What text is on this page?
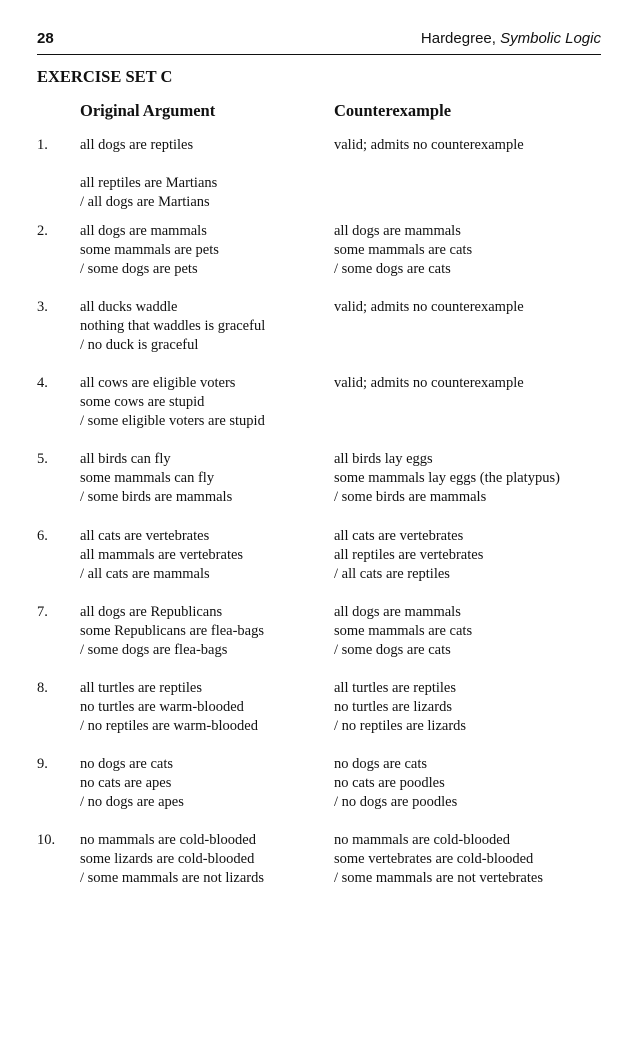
28	Hardegree, Symbolic Logic
EXERCISE SET C
Original Argument	Counterexample
1. all dogs are reptiles
all reptiles are Martians
/ all dogs are Martians
valid; admits no counterexample
2. all dogs are mammals
some mammals are pets
/ some dogs are pets
all dogs are mammals
some mammals are cats
/ some dogs are cats
3. all ducks waddle
nothing that waddles is graceful
/ no duck is graceful
valid; admits no counterexample
4. all cows are eligible voters
some cows are stupid
/ some eligible voters are stupid
valid; admits no counterexample
5. all birds can fly
some mammals can fly
/ some birds are mammals
all birds lay eggs
some mammals lay eggs (the platypus)
/ some birds are mammals
6. all cats are vertebrates
all mammals are vertebrates
/ all cats are mammals
all cats are vertebrates
all reptiles are vertebrates
/ all cats are reptiles
7. all dogs are Republicans
some Republicans are flea-bags
/ some dogs are flea-bags
all dogs are mammals
some mammals are cats
/ some dogs are cats
8. all turtles are reptiles
no turtles are warm-blooded
/ no reptiles are warm-blooded
all turtles are reptiles
no turtles are lizards
/ no reptiles are lizards
9. no dogs are cats
no cats are apes
/ no dogs are apes
no dogs are cats
no cats are poodles
/ no dogs are poodles
10. no mammals are cold-blooded
some lizards are cold-blooded
/ some mammals are not lizards
no mammals are cold-blooded
some vertebrates are cold-blooded
/ some mammals are not vertebrates
